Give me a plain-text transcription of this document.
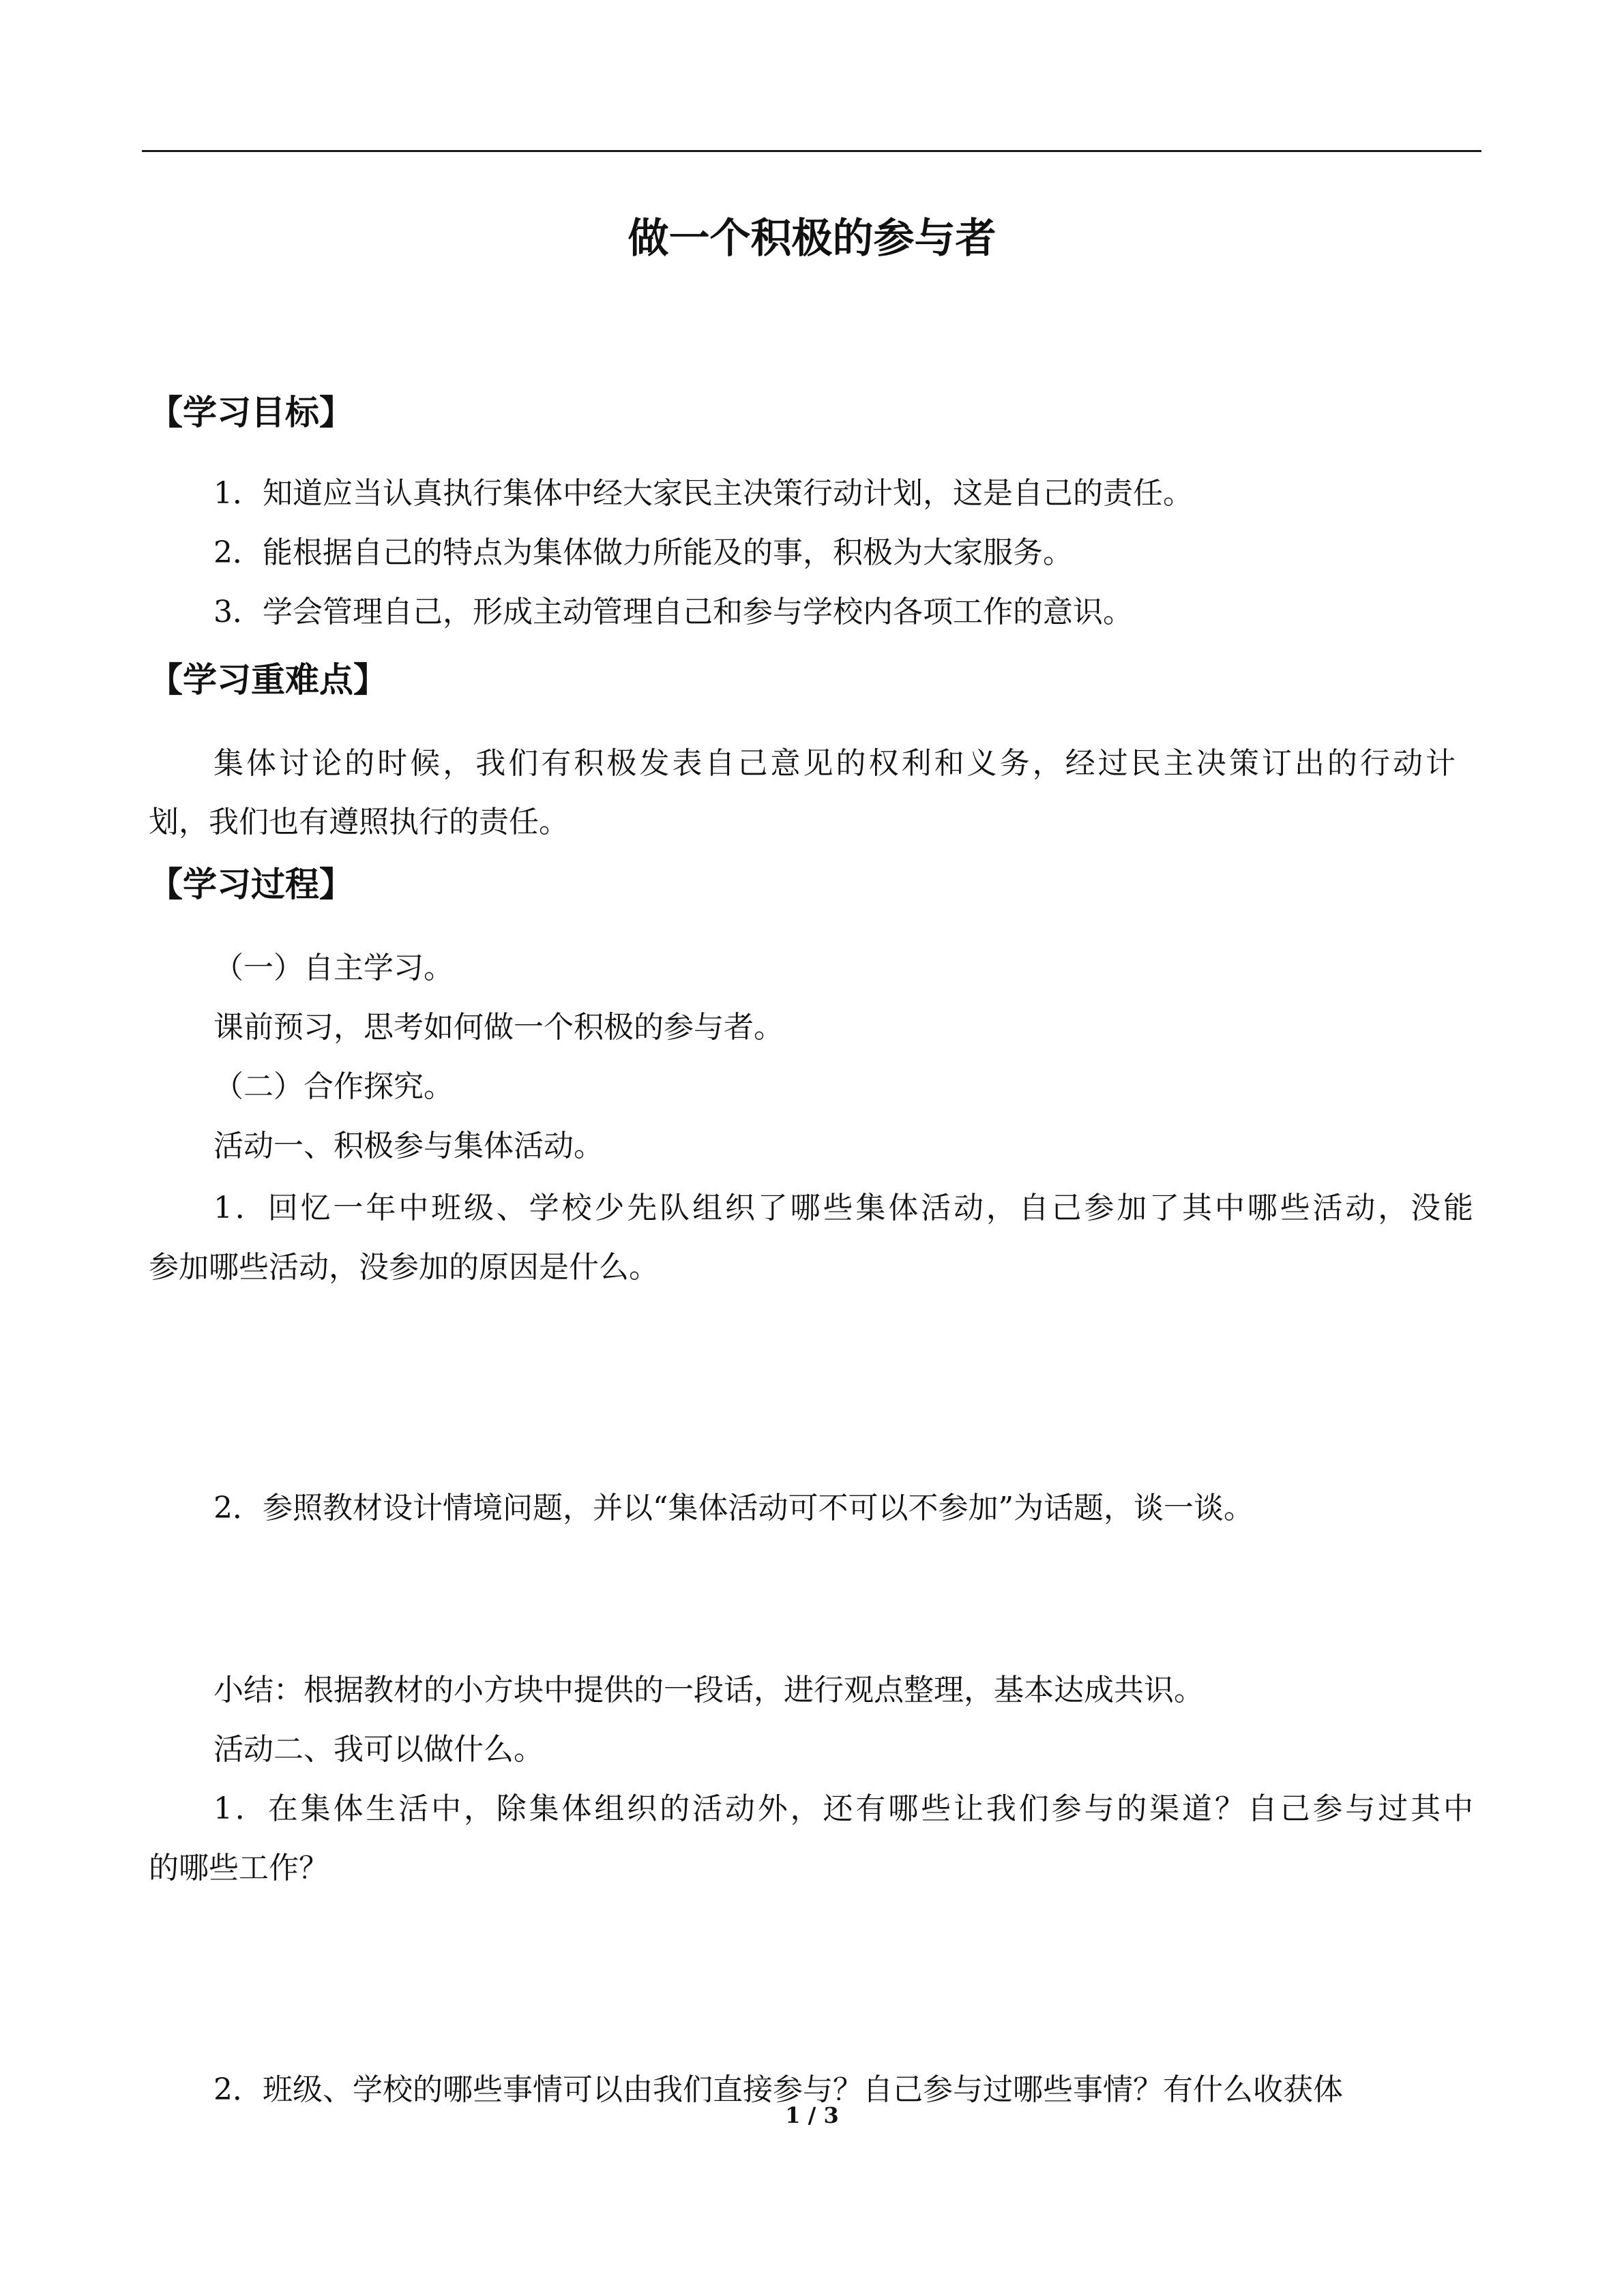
做一个积极的参与者
【学习目标】
1．知道应当认真执行集体中经大家民主决策行动计划，这是自己的责任。
2．能根据自己的特点为集体做力所能及的事，积极为大家服务。
3．学会管理自己，形成主动管理自己和参与学校内各项工作的意识。
【学习重难点】
集体讨论的时候，我们有积极发表自己意见的权利和义务，经过民主决策订出的行动计
划，我们也有遵照执行的责任。
【学习过程】
（一）自主学习。
课前预习，思考如何做一个积极的参与者。
（二）合作探究。
活动一、积极参与集体活动。
1．回忆一年中班级、学校少先队组织了哪些集体活动，自己参加了其中哪些活动，没能
参加哪些活动，没参加的原因是什么。
2．参照教材设计情境问题，并以“集体活动可不可以不参加”为话题，谈一谈。
小结：根据教材的小方块中提供的一段话，进行观点整理，基本达成共识。
活动二、我可以做什么。
1．在集体生活中，除集体组织的活动外，还有哪些让我们参与的渠道？自己参与过其中
的哪些工作？
2．班级、学校的哪些事情可以由我们直接参与？自己参与过哪些事情？有什么收获体
1 / 3
